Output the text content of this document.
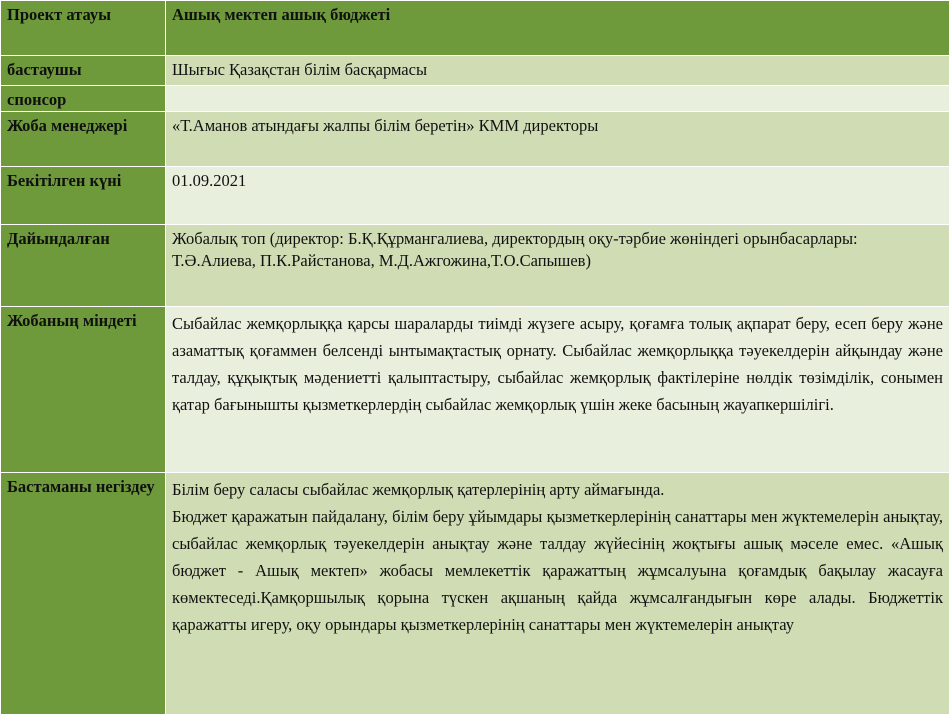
Проект атауы	Ашық мектеп ашық бюджеті
бастаушы	Шығыс Қазақстан білім басқармасы
спонсор	
Жоба менеджері	«Т.Аманов атындағы жалпы білім беретін» КММ директоры
Бекітілген күні	01.09.2021
Дайындалған	Жобалық топ (директор: Б.Қ.Құрмангалиева, директордың оқу-тәрбие жөніндегі орынбасарлары: Т.Ә.Алиева, П.К.Райстанова, М.Д.Ажгожина,Т.О.Сапышев)
Жобаның міндеті	Сыбайлас жемқорлыққа қарсы шараларды тиімді жүзеге асыру, қоғамға толық ақпарат беру, есеп беру және азаматтық қоғаммен белсенді ынтымақтастық орнату. Сыбайлас жемқорлыққа тәуекелдерін айқындау және талдау, құқықтық мәдениетті қалыптастыру, сыбайлас жемқорлық фактілеріне нөлдік төзімділік, сонымен қатар бағынышты қызметкерлердің сыбайлас жемқорлық үшін жеке басының жауапкершілігі.
Бастаманы негіздеу	Білім беру саласы сыбайлас жемқорлық қатерлерінің арту аймағында.
Бюджет қаражатын пайдалану, білім беру ұйымдары қызметкерлерінің санаттары мен жүктемелерін анықтау, сыбайлас жемқорлық тәуекелдерін анықтау және талдау жүйесінің жоқтығы ашық мәселе емес. «Ашық бюджет - Ашық мектеп» жобасы мемлекеттік қаражаттың жұмсалуына қоғамдық бақылау жасауға көмектеседі.Қамқоршылық қорына түскен ақшаның қайда жұмсалғандығын көре алады. Бюджеттік қаражатты игеру, оқу орындары қызметкерлерінің санаттары мен жүктемелерін анықтау
